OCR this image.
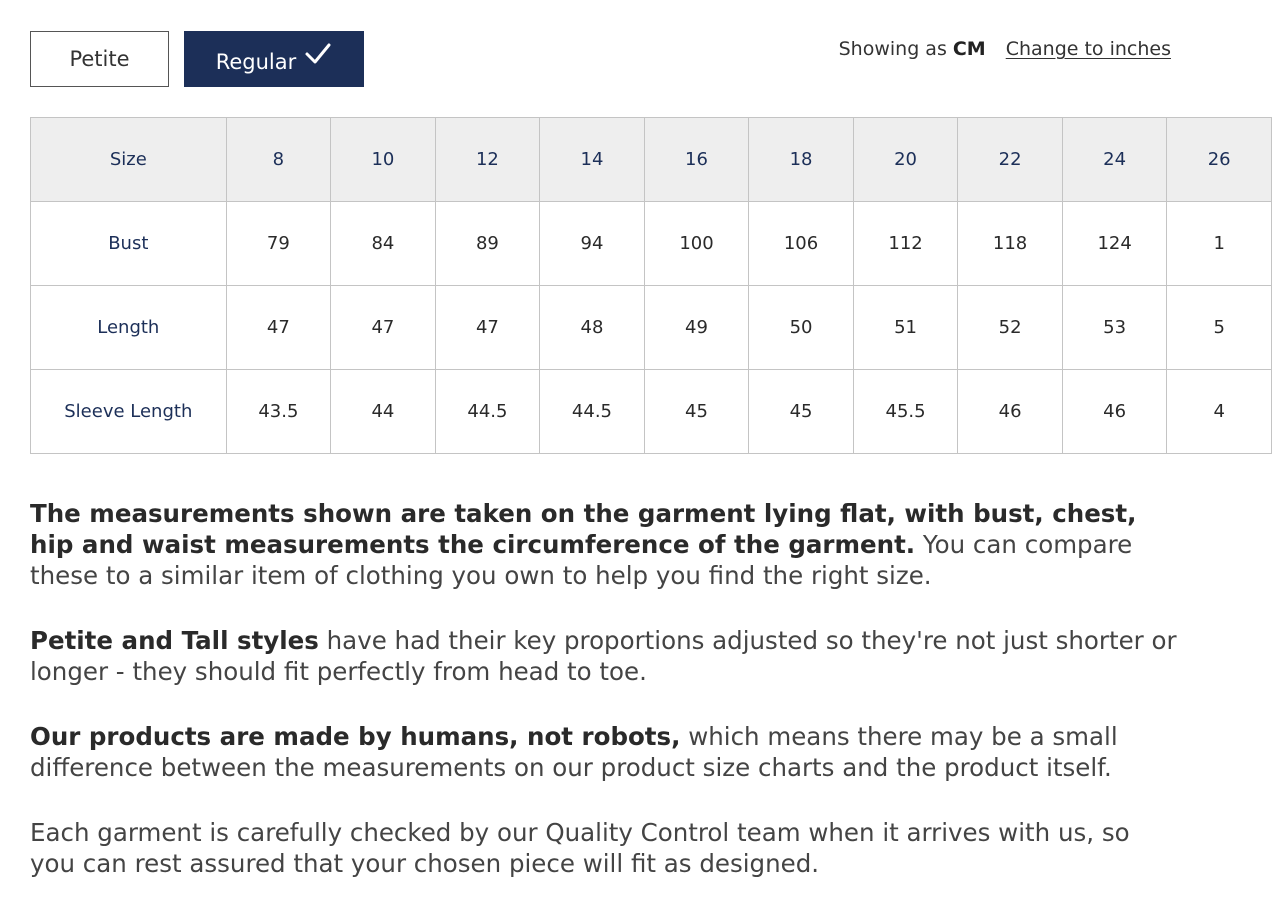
Petite	Regular
Showing as CM Change to inches
Size	8	10	12	14	16	18	20	22	24	26
Bust	79	84	89	94	100	106	112	118	124	1
Length	47	47	47	48	49	50	51	52	53	5
Sleeve Length	43.5	44	44.5	44.5	45	45	45.5	46	46	4

The measurements shown are taken on the garment lying flat, with bust, chest, hip and waist measurements the circumference of the garment. You can compare these to a similar item of clothing you own to help you find the right size.

Petite and Tall styles have had their key proportions adjusted so they're not just shorter or longer - they should fit perfectly from head to toe.

Our products are made by humans, not robots, which means there may be a small difference between the measurements on our product size charts and the product itself.

Each garment is carefully checked by our Quality Control team when it arrives with us, so you can rest assured that your chosen piece will fit as designed.
